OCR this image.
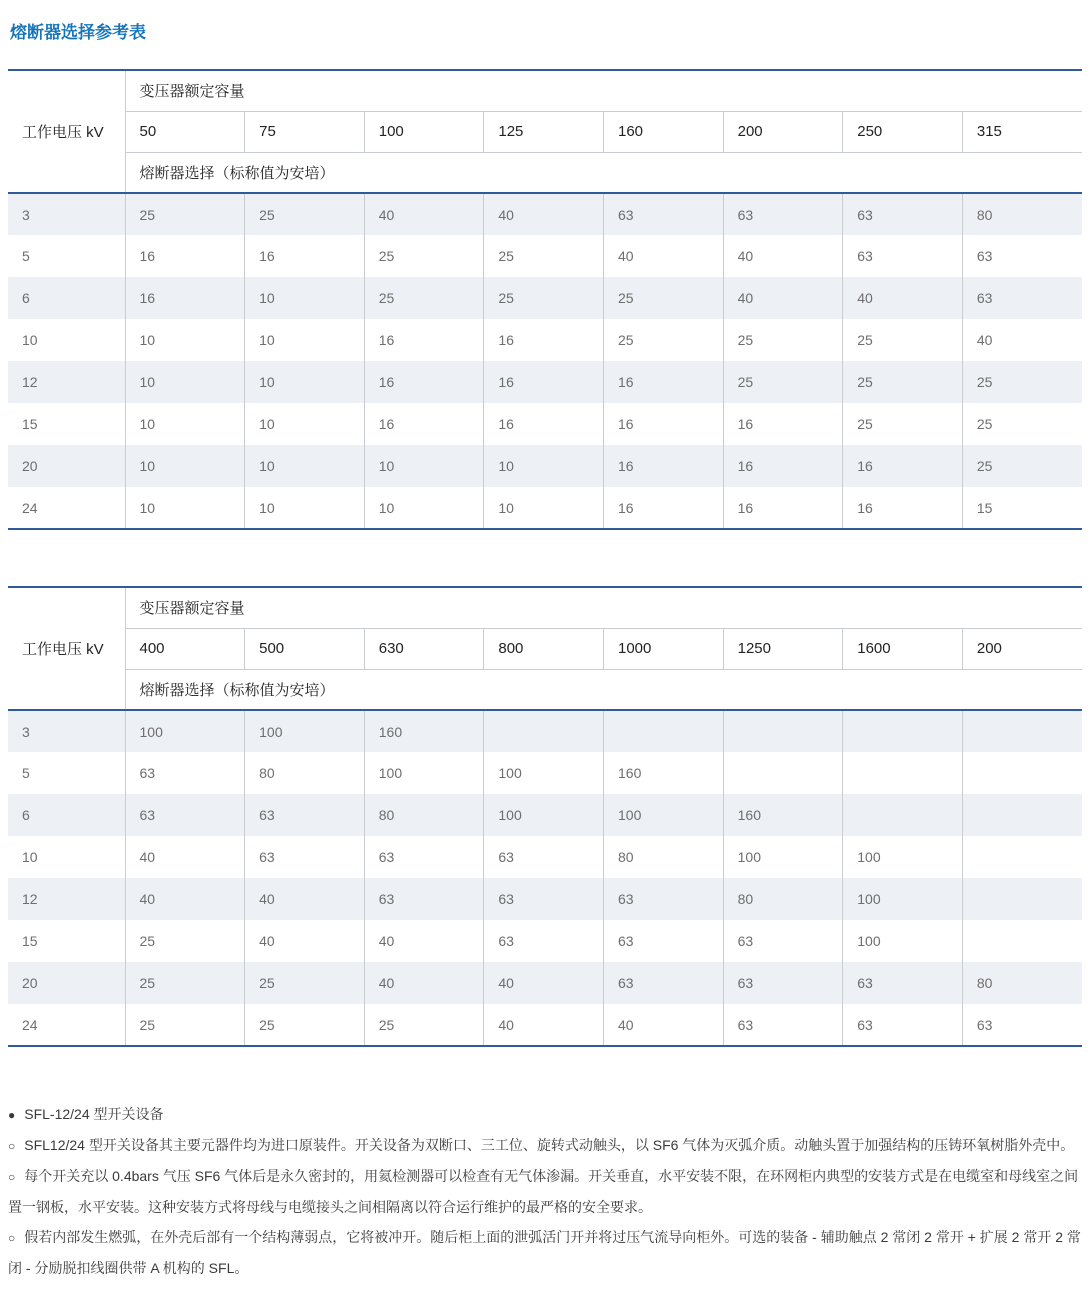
熔断器选择参考表
工作电压 kV	变压器额定容量							
	50	75	100	125	160	200	250	315
	熔断器选择（标称值为安培）							
3	25	25	40	40	63	63	63	80
5	16	16	25	25	40	40	63	63
6	16	10	25	25	25	40	40	63
10	10	10	16	16	25	25	25	40
12	10	10	16	16	16	25	25	25
15	10	10	16	16	16	16	25	25
20	10	10	10	10	16	16	16	25
24	10	10	10	10	16	16	16	15
工作电压 kV	变压器额定容量							
	400	500	630	800	1000	1250	1600	200
	熔断器选择（标称值为安培）							
3	100	100	160					
5	63	80	100	100	160			
6	63	63	80	100	100	160		
10	40	63	63	63	80	100	100	
12	40	40	63	63	63	80	100	
15	25	40	40	63	63	63	100	
20	25	25	40	40	63	63	63	80
24	25	25	25	40	40	63	63	63

● SFL-12/24 型开关设备

○ SFL12/24 型开关设备其主要元器件均为进口原装件。开关设备为双断口、三工位、旋转式动触头，以 SF6 气体为灭弧介质。动触头置于加强结构的压铸环氧树脂外壳中。

○ 每个开关充以 0.4bars 气压 SF6 气体后是永久密封的，用氦检测器可以检查有无气体渗漏。开关垂直，水平安装不限，在环网柜内典型的安装方式是在电缆室和母线室之间置一钢板，水平安装。这种安装方式将母线与电缆接头之间相隔离以符合运行维护的最严格的安全要求。

○ 假若内部发生燃弧，在外壳后部有一个结构薄弱点，它将被冲开。随后柜上面的泄弧活门开并将过压气流导向柜外。可选的装备 - 辅助触点 2 常闭 2 常开 + 扩展 2 常开 2 常闭 - 分励脱扣线圈供带 A 机构的 SFL。
